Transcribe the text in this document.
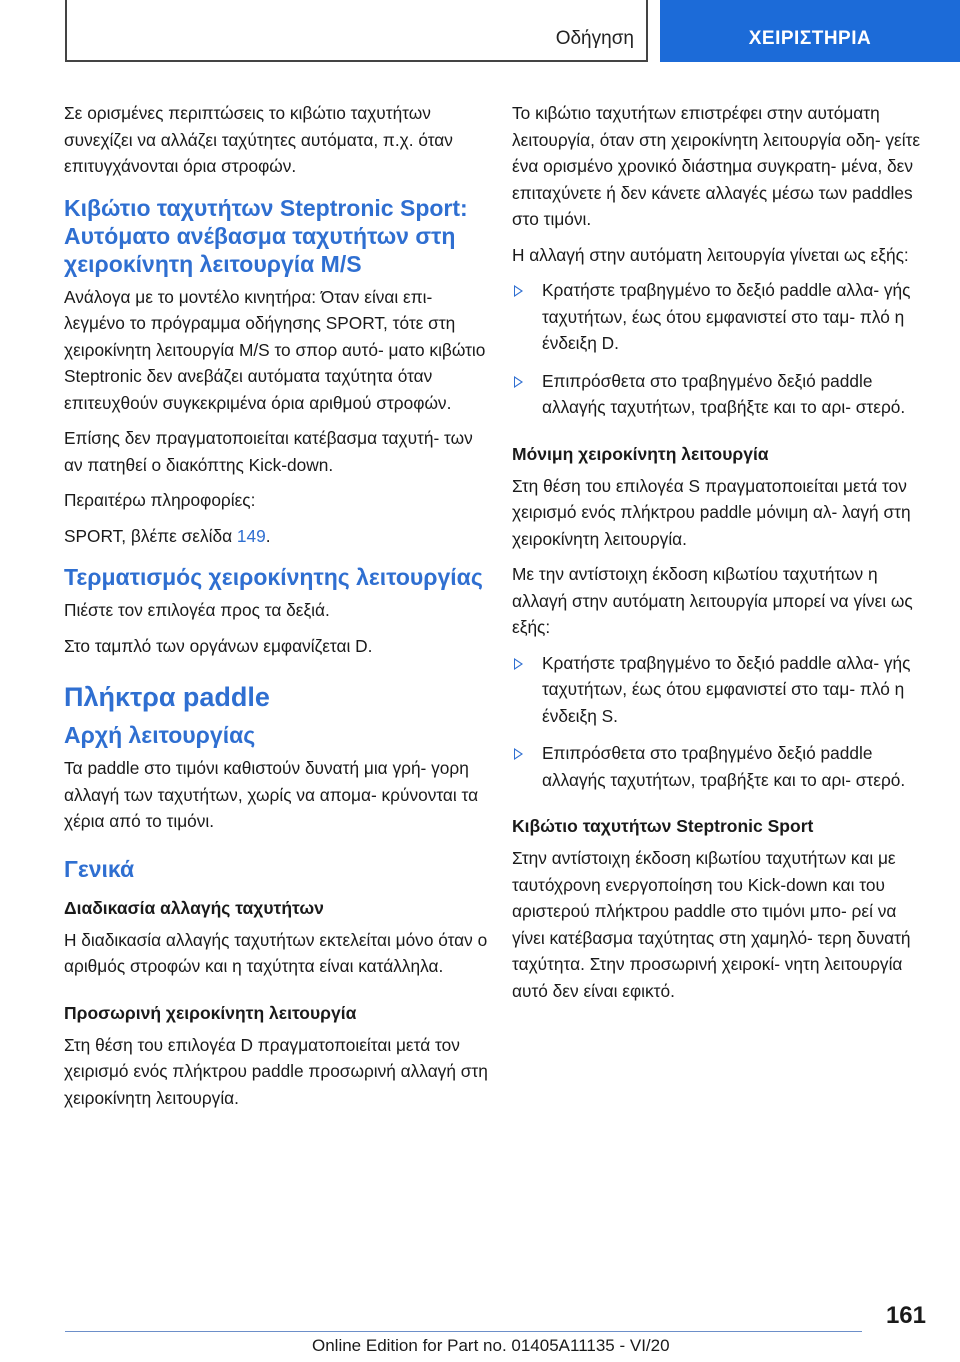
Οδήγηση	ΧΕΙΡΙΣΤΗΡΙΑ

Σε ορισμένες περιπτώσεις το κιβώτιο ταχυτήτων συνεχίζει να αλλάζει ταχύτητες αυτόματα, π.χ. όταν επιτυγχάνονται όρια στροφών.

Κιβώτιο ταχυτήτων Steptronic Sport: Αυτόματο ανέβασμα ταχυτήτων στη χειροκίνητη λειτουργία M/S

Ανάλογα με το μοντέλο κινητήρα: Όταν είναι επι- λεγμένο το πρόγραμμα οδήγησης SPORT, τότε στη χειροκίνητη λειτουργία M/S το σπορ αυτό- ματο κιβώτιο Steptronic δεν ανεβάζει αυτόματα ταχύτητα όταν επιτευχθούν συγκεκριμένα όρια αριθμού στροφών.

Επίσης δεν πραγματοποιείται κατέβασμα ταχυτή- των αν πατηθεί ο διακόπτης Kick-down.

Περαιτέρω πληροφορίες:

SPORT, βλέπε σελίδα 149.

Τερματισμός χειροκίνητης λειτουργίας

Πιέστε τον επιλογέα προς τα δεξιά.

Στο ταμπλό των οργάνων εμφανίζεται D.

Πλήκτρα paddle
Αρχή λειτουργίας

Τα paddle στο τιμόνι καθιστούν δυνατή μια γρή- γορη αλλαγή των ταχυτήτων, χωρίς να απομα- κρύνονται τα χέρια από το τιμόνι.

Γενικά
Διαδικασία αλλαγής ταχυτήτων

Η διαδικασία αλλαγής ταχυτήτων εκτελείται μόνο όταν ο αριθμός στροφών και η ταχύτητα είναι κατάλληλα.

Προσωρινή χειροκίνητη λειτουργία

Στη θέση του επιλογέα D πραγματοποιείται μετά τον χειρισμό ενός πλήκτρου paddle προσωρινή αλλαγή στη χειροκίνητη λειτουργία.

Το κιβώτιο ταχυτήτων επιστρέφει στην αυτόματη λειτουργία, όταν στη χειροκίνητη λειτουργία οδη- γείτε ένα ορισμένο χρονικό διάστημα συγκρατη- μένα, δεν επιταχύνετε ή δεν κάνετε αλλαγές μέσω των paddles στο τιμόνι.

Η αλλαγή στην αυτόματη λειτουργία γίνεται ως εξής:

Κρατήστε τραβηγμένο το δεξιό paddle αλλα- γής ταχυτήτων, έως ότου εμφανιστεί στο ταμ- πλό η ένδειξη D.
Επιπρόσθετα στο τραβηγμένο δεξιό paddle αλλαγής ταχυτήτων, τραβήξτε και το αρι- στερό.
Μόνιμη χειροκίνητη λειτουργία

Στη θέση του επιλογέα S πραγματοποιείται μετά τον χειρισμό ενός πλήκτρου paddle μόνιμη αλ- λαγή στη χειροκίνητη λειτουργία.

Με την αντίστοιχη έκδοση κιβωτίου ταχυτήτων η αλλαγή στην αυτόματη λειτουργία μπορεί να γίνει ως εξής:

Κρατήστε τραβηγμένο το δεξιό paddle αλλα- γής ταχυτήτων, έως ότου εμφανιστεί στο ταμ- πλό η ένδειξη S.
Επιπρόσθετα στο τραβηγμένο δεξιό paddle αλλαγής ταχυτήτων, τραβήξτε και το αρι- στερό.
Κιβώτιο ταχυτήτων Steptronic Sport

Στην αντίστοιχη έκδοση κιβωτίου ταχυτήτων και με ταυτόχρονη ενεργοποίηση του Kick-down και του αριστερού πλήκτρου paddle στο τιμόνι μπο- ρεί να γίνει κατέβασμα ταχύτητας στη χαμηλό- τερη δυνατή ταχύτητα. Στην προσωρινή χειροκί- νητη λειτουργία αυτό δεν είναι εφικτό.

161
Online Edition for Part no. 01405A11135 - VI/20
